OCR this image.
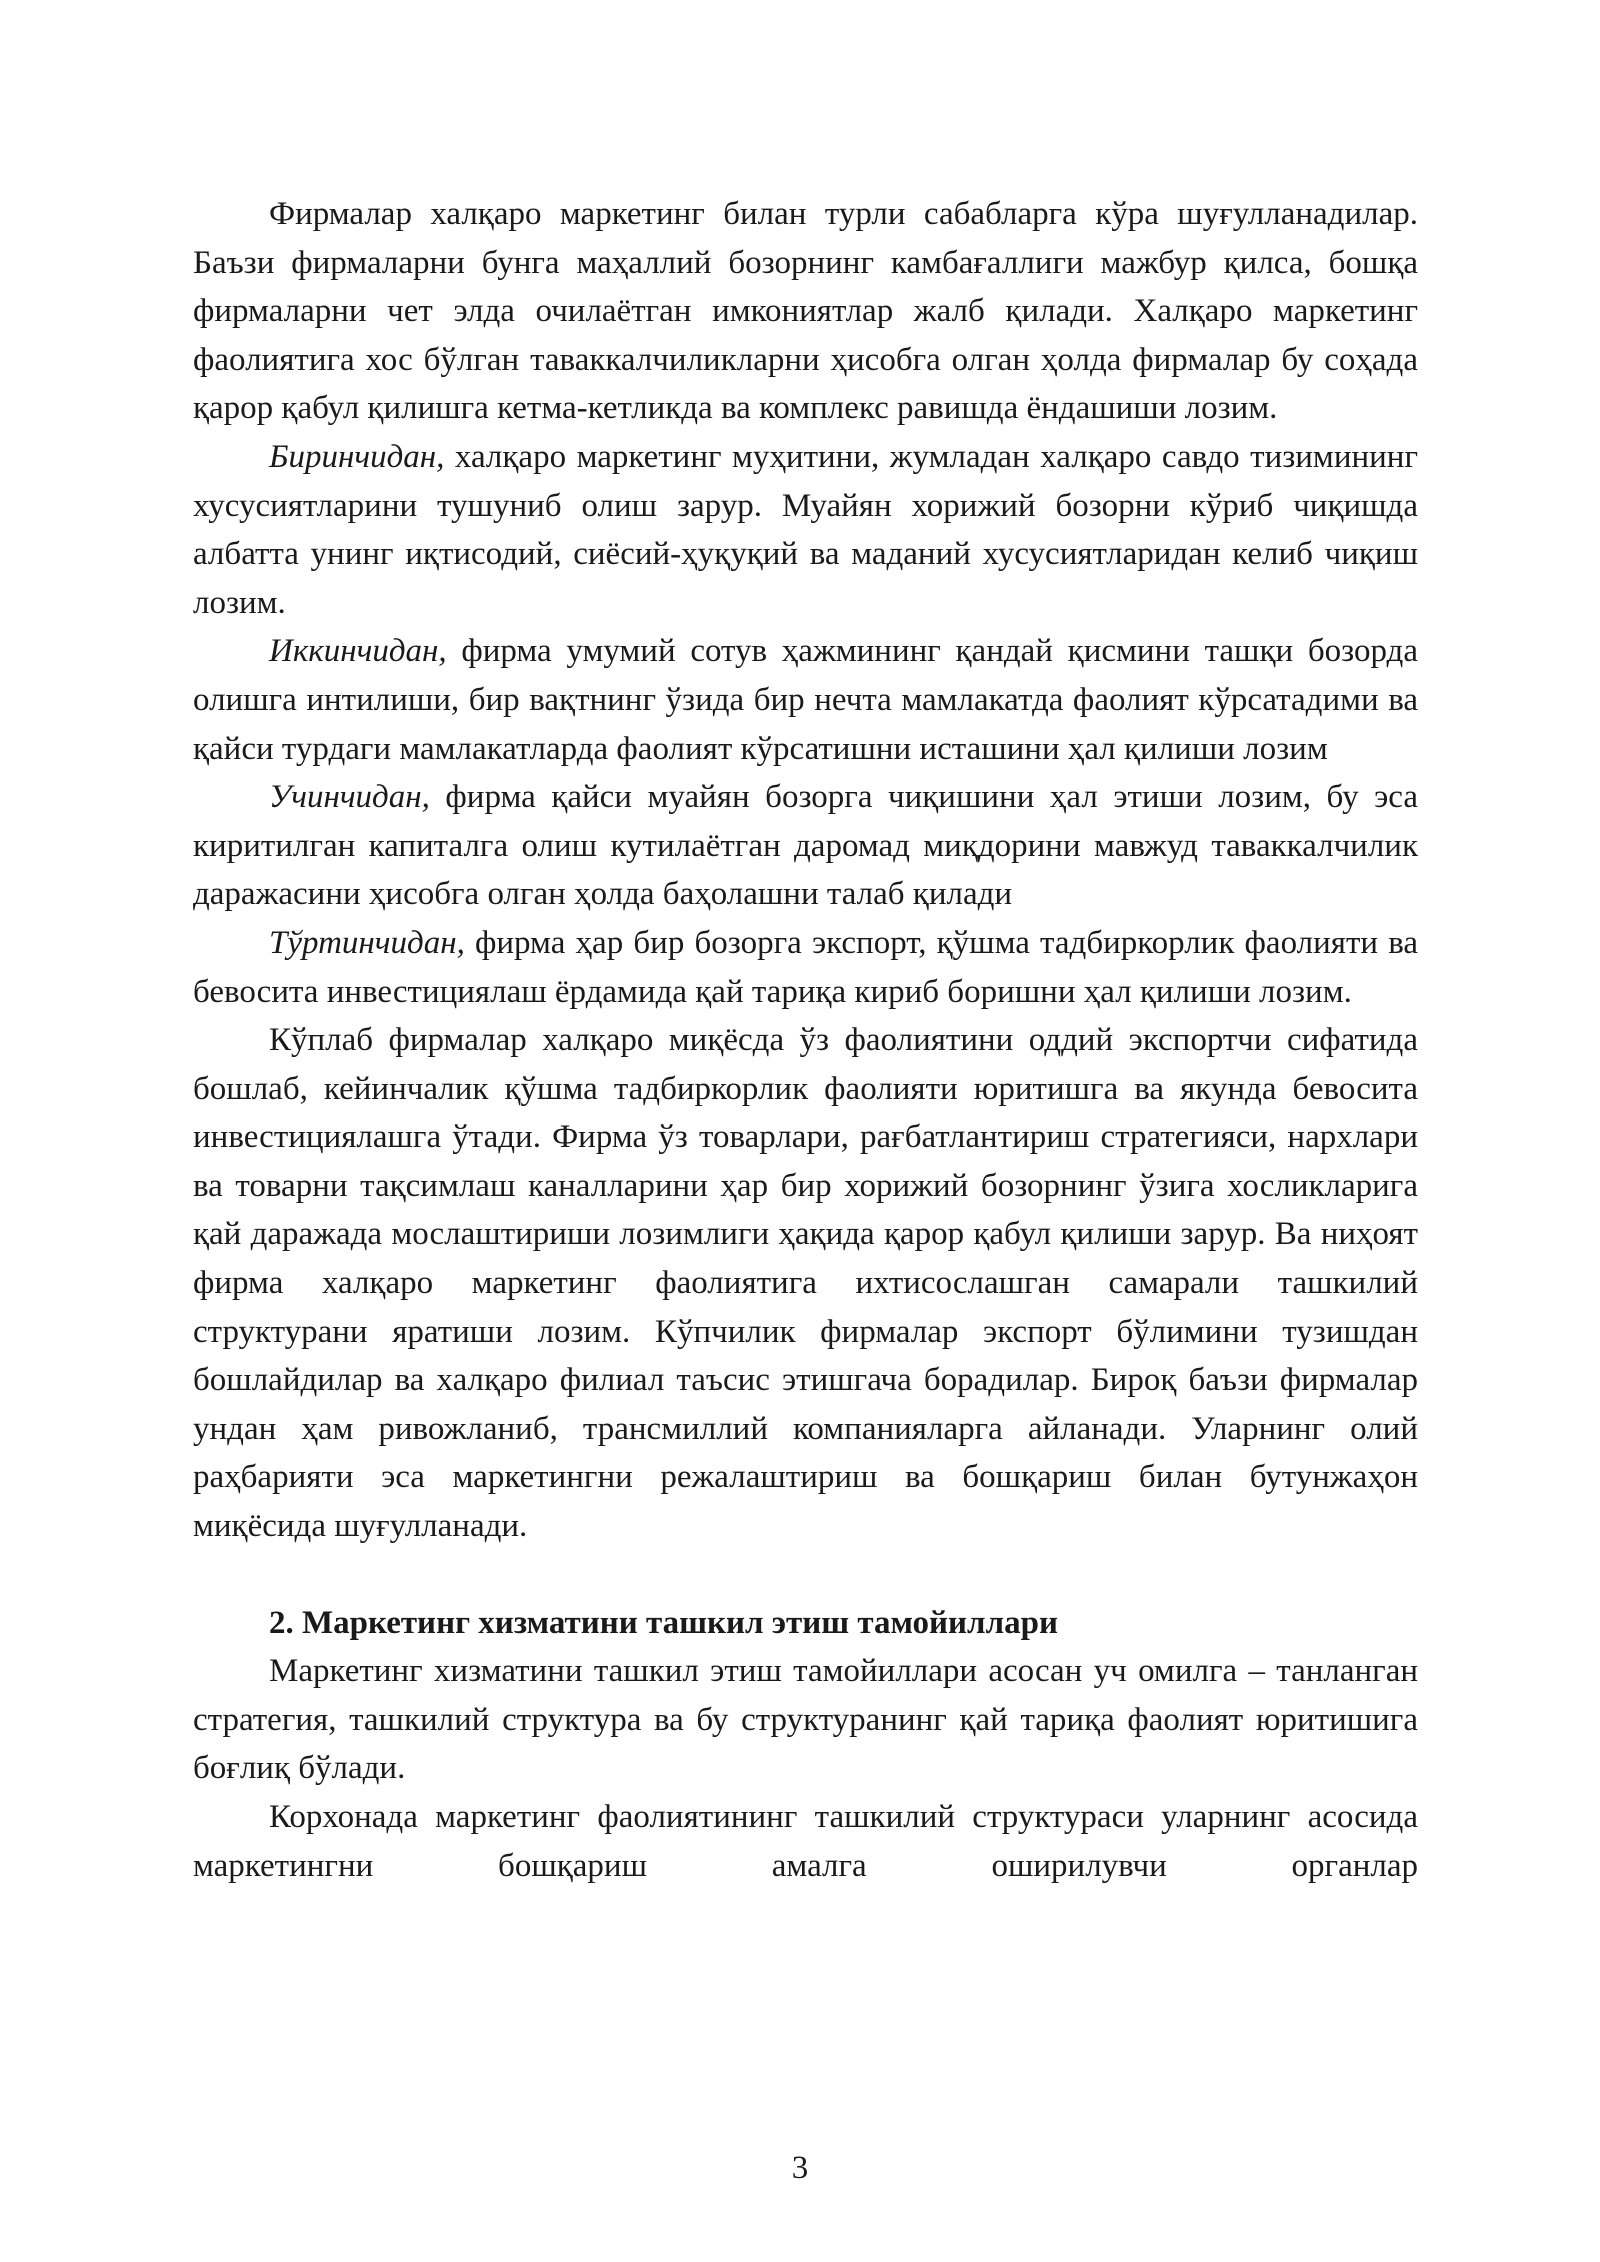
Фирмалар халқаро маркетинг билан турли сабабларга кўра шуғулланадилар. Баъзи фирмаларни бунга маҳаллий бозорнинг камбағаллиги мажбур қилса, бошқа фирмаларни чет элда очилаётган имкониятлар жалб қилади. Халқаро маркетинг фаолиятига хос бўлган таваккалчиликларни ҳисобга олган ҳолда фирмалар бу соҳада қарор қабул қилишга кетма-кетликда ва комплекс равишда ёндашиши лозим.

Биринчидан, халқаро маркетинг муҳитини, жумладан халқаро савдо тизимининг хусусиятларини тушуниб олиш зарур. Муайян хорижий бозорни кўриб чиқишда албатта унинг иқтисодий, сиёсий-ҳуқуқий ва маданий хусусиятларидан келиб чиқиш лозим.

Иккинчидан, фирма умумий сотув ҳажмининг қандай қисмини ташқи бозорда олишга интилиши, бир вақтнинг ўзида бир нечта мамлакатда фаолият кўрсатадими ва қайси турдаги мамлакатларда фаолият кўрсатишни исташини ҳал қилиши лозим

Учинчидан, фирма қайси муайян бозорга чиқишини ҳал этиши лозим, бу эса киритилган капиталга олиш кутилаётган даромад миқдорини мавжуд таваккалчилик даражасини ҳисобга олган ҳолда баҳолашни талаб қилади

Тўртинчидан, фирма ҳар бир бозорга экспорт, қўшма тадбиркорлик фаолияти ва бевосита инвестициялаш ёрдамида қай тариқа кириб боришни ҳал қилиши лозим.

Кўплаб фирмалар халқаро миқёсда ўз фаолиятини оддий экспортчи сифатида бошлаб, кейинчалик қўшма тадбиркорлик фаолияти юритишга ва якунда бевосита инвестициялашга ўтади. Фирма ўз товарлари, рағбатлантириш стратегияси, нархлари ва товарни тақсимлаш каналларини ҳар бир хорижий бозорнинг ўзига хосликларига қай даражада мослаштириши лозимлиги ҳақида қарор қабул қилиши зарур. Ва ниҳоят фирма халқаро маркетинг фаолиятига ихтисослашган самарали ташкилий структурани яратиши лозим. Кўпчилик фирмалар экспорт бўлимини тузишдан бошлайдилар ва халқаро филиал таъсис этишгача борадилар. Бироқ баъзи фирмалар ундан ҳам ривожланиб, трансмиллий компанияларга айланади. Уларнинг олий раҳбарияти эса маркетингни режалаштириш ва бошқариш билан бутунжаҳон миқёсида шуғулланади.

2. Маркетинг хизматини ташкил этиш тамойиллари

Маркетинг хизматини ташкил этиш тамойиллари асосан уч омилга – танланган стратегия, ташкилий структура ва бу структуранинг қай тариқа фаолият юритишига боғлиқ бўлади.

Корхонада маркетинг фаолиятининг ташкилий структураси уларнинг асосида маркетингни бошқариш амалга оширилувчи органлар

3
